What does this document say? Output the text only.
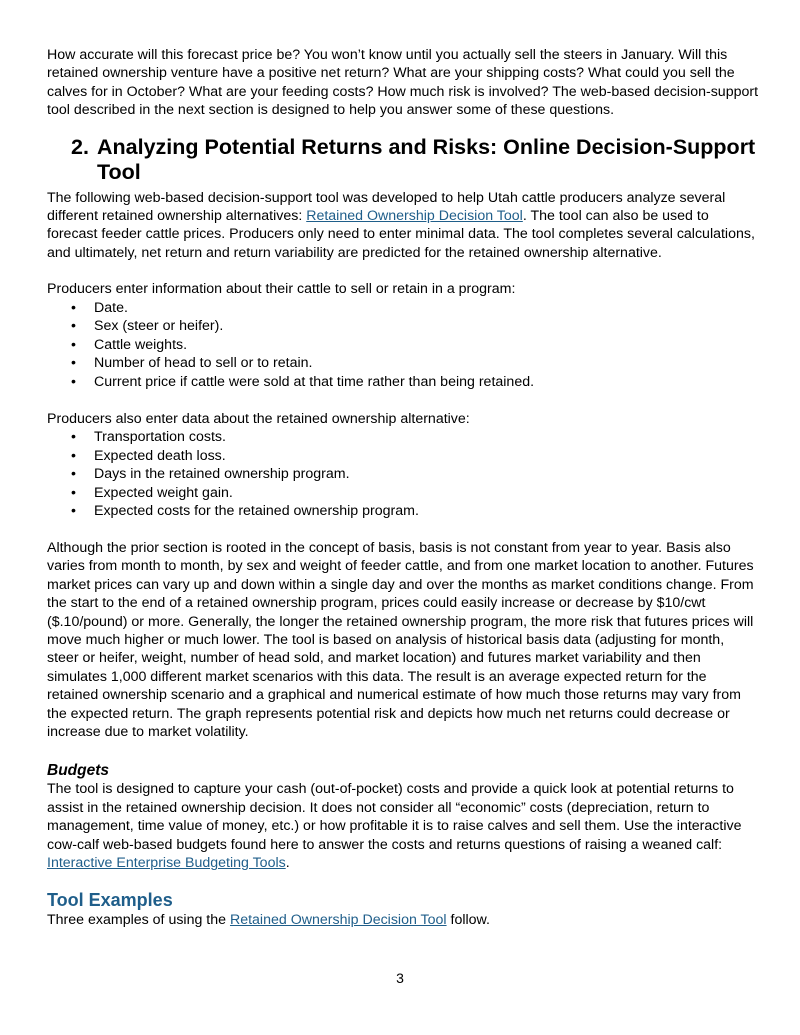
How accurate will this forecast price be? You won’t know until you actually sell the steers in January. Will this retained ownership venture have a positive net return? What are your shipping costs? What could you sell the calves for in October? What are your feeding costs? How much risk is involved? The web-based decision-support tool described in the next section is designed to help you answer some of these questions.

2. Analyzing Potential Returns and Risks: Online Decision-Support Tool

The following web-based decision-support tool was developed to help Utah cattle producers analyze several different retained ownership alternatives: Retained Ownership Decision Tool. The tool can also be used to forecast feeder cattle prices. Producers only need to enter minimal data. The tool completes several calculations, and ultimately, net return and return variability are predicted for the retained ownership alternative.

Producers enter information about their cattle to sell or retain in a program:

• Date.
• Sex (steer or heifer).
• Cattle weights.
• Number of head to sell or to retain.
• Current price if cattle were sold at that time rather than being retained.

Producers also enter data about the retained ownership alternative:

• Transportation costs.
• Expected death loss.
• Days in the retained ownership program.
• Expected weight gain.
• Expected costs for the retained ownership program.

Although the prior section is rooted in the concept of basis, basis is not constant from year to year. Basis also varies from month to month, by sex and weight of feeder cattle, and from one market location to another. Futures market prices can vary up and down within a single day and over the months as market conditions change. From the start to the end of a retained ownership program, prices could easily increase or decrease by $10/cwt ($.10/pound) or more. Generally, the longer the retained ownership program, the more risk that futures prices will move much higher or much lower. The tool is based on analysis of historical basis data (adjusting for month, steer or heifer, weight, number of head sold, and market location) and futures market variability and then simulates 1,000 different market scenarios with this data. The result is an average expected return for the retained ownership scenario and a graphical and numerical estimate of how much those returns may vary from the expected return. The graph represents potential risk and depicts how much net returns could decrease or increase due to market volatility.

Budgets

The tool is designed to capture your cash (out-of-pocket) costs and provide a quick look at potential returns to assist in the retained ownership decision. It does not consider all “economic” costs (depreciation, return to management, time value of money, etc.) or how profitable it is to raise calves and sell them. Use the interactive cow-calf web-based budgets found here to answer the costs and returns questions of raising a weaned calf: Interactive Enterprise Budgeting Tools.

Tool Examples

Three examples of using the Retained Ownership Decision Tool follow.

3
